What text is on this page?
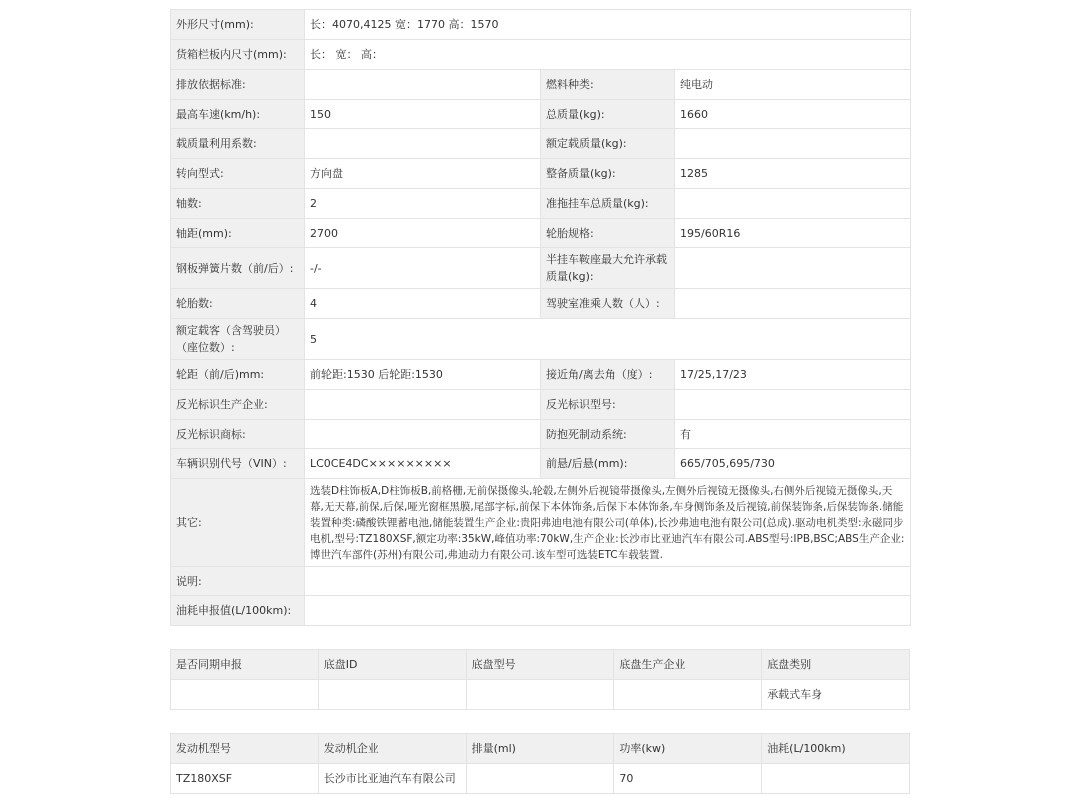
外形尺寸(mm):	长：4070,4125 宽：1770 高：1570		
货箱栏板内尺寸(mm):	长： 宽： 高：		
排放依据标准:		燃料种类:	纯电动
最高车速(km/h):	150	总质量(kg):	1660
载质量利用系数:		额定载质量(kg):	
转向型式:	方向盘	整备质量(kg):	1285
轴数:	2	准拖挂车总质量(kg):	
轴距(mm):	2700	轮胎规格:	195/60R16
钢板弹簧片数（前/后）:	-/-	半挂车鞍座最大允许承载质量(kg):	
轮胎数:	4	驾驶室准乘人数（人）:	
额定载客（含驾驶员）（座位数）:	5		
轮距（前/后)mm:	前轮距:1530 后轮距:1530	接近角/离去角（度）:	17/25,17/23
反光标识生产企业:		反光标识型号:	
反光标识商标:		防抱死制动系统:	有
车辆识别代号（VIN）:	LC0CE4DC×××××××××	前悬/后悬(mm):	665/705,695/730
其它:	选装D柱饰板A,D柱饰板B,前格栅,无前保摄像头,轮毂,左侧外后视镜带摄像头,左侧外后视镜无摄像头,右侧外后视镜无摄像头,天幕,无天幕,前保,后保,哑光窗框黑膜,尾部字标,前保下本体饰条,后保下本体饰条,车身侧饰条及后视镜,前保装饰条,后保装饰条.储能装置种类:磷酸铁锂蓄电池,储能装置生产企业:贵阳弗迪电池有限公司(单体),长沙弗迪电池有限公司(总成).驱动电机类型:永磁同步电机,型号:TZ180XSF,额定功率:35kW,峰值功率:70kW,生产企业:长沙市比亚迪汽车有限公司.ABS型号:IPB,BSC;ABS生产企业:博世汽车部件(苏州)有限公司,弗迪动力有限公司.该车型可选装ETC车载装置.		
说明:			
油耗申报值(L/100km):			
是否同期申报	底盘ID	底盘型号	底盘生产企业	底盘类别
				承载式车身
发动机型号	发动机企业	排量(ml)	功率(kw)	油耗(L/100km)
TZ180XSF	长沙市比亚迪汽车有限公司		70	
